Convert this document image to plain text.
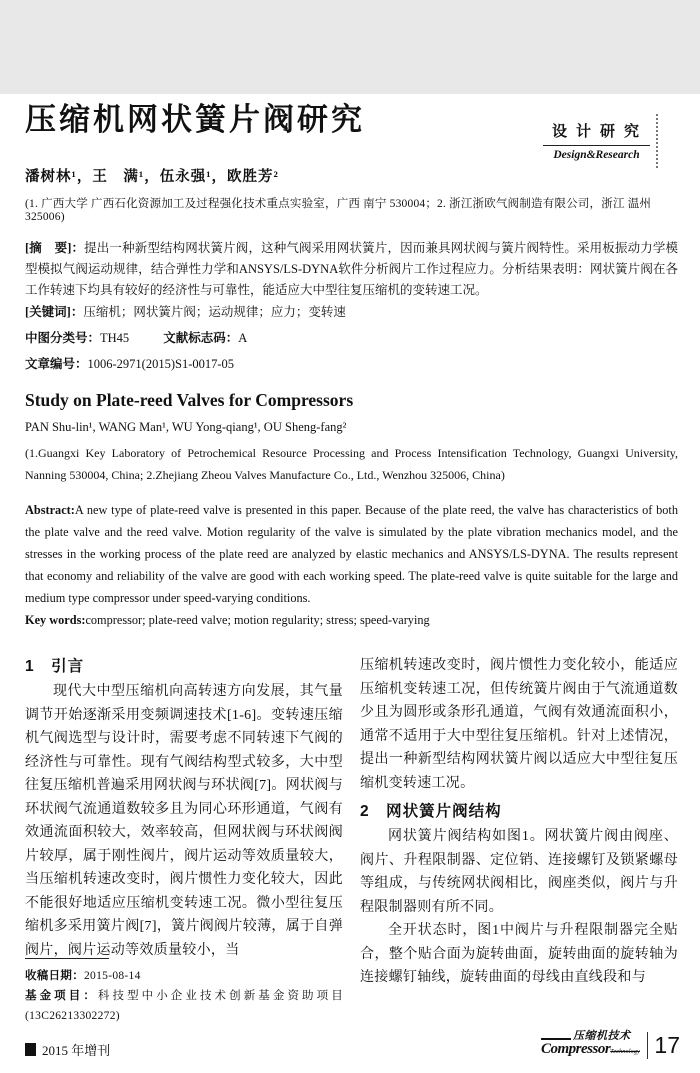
设计研究
Design&Research
压缩机网状簧片阀研究
潘树林¹，王　满¹，伍永强¹，欧胜芳²
(1. 广西大学 广西石化资源加工及过程强化技术重点实验室，广西 南宁 530004；2. 浙江浙欧气阀制造有限公司，浙江 温州 325006)

[摘　要]：提出一种新型结构网状簧片阀，这种气阀采用网状簧片，因而兼具网状阀与簧片阀特性。采用板振动力学模型模拟气阀运动规律，结合弹性力学和ANSYS/LS-DYNA软件分析阀片工作过程应力。分析结果表明：网状簧片阀在各工作转速下均具有较好的经济性与可靠性，能适应大中型往复压缩机的变转速工况。

[关键词]：压缩机；网状簧片阀；运动规律；应力；变转速

中图分类号：TH45	文献标志码：A

文章编号：1006-2971(2015)S1-0017-05

Study on Plate-reed Valves for Compressors
PAN Shu-lin¹, WANG Man¹, WU Yong-qiang¹, OU Sheng-fang²
(1.Guangxi Key Laboratory of Petrochemical Resource Processing and Process Intensification Technology, Guangxi University, Nanning 530004, China; 2.Zhejiang Zheou Valves Manufacture Co., Ltd., Wenzhou 325006, China)

Abstract:A new type of plate-reed valve is presented in this paper. Because of the plate reed, the valve has characteristics of both the plate valve and the reed valve. Motion regularity of the valve is simulated by the plate vibration mechanics model, and the stresses in the working process of the plate reed are analyzed by elastic mechanics and ANSYS/LS-DYNA. The results represent that economy and reliability of the valve are good with each working speed. The plate-reed valve is quite suitable for the large and medium type compressor under speed-varying conditions.

Key words:compressor; plate-reed valve; motion regularity; stress; speed-varying

1　引言

现代大中型压缩机向高转速方向发展，其气量调节开始逐渐采用变频调速技术[1-6]。变转速压缩机气阀选型与设计时，需要考虑不同转速下气阀的经济性与可靠性。现有气阀结构型式较多，大中型往复压缩机普遍采用网状阀与环状阀[7]。网状阀与环状阀气流通道数较多且为同心环形通道，气阀有效通流面积较大，效率较高，但网状阀与环状阀阀片较厚，属于刚性阀片，阀片运动等效质量较大，当压缩机转速改变时，阀片惯性力变化较大，因此不能很好地适应压缩机变转速工况。微小型往复压缩机多采用簧片阀[7]，簧片阀阀片较薄，属于自弹阀片，阀片运动等效质量较小，当

收稿日期：2015-08-14
基金项目：科技型中小企业技术创新基金资助项目(13C26213302272)

压缩机转速改变时，阀片惯性力变化较小，能适应压缩机变转速工况，但传统簧片阀由于气流通道数少且为圆形或条形孔通道，气阀有效通流面积小，通常不适用于大中型往复压缩机。针对上述情况，提出一种新型结构网状簧片阀以适应大中型往复压缩机变转速工况。

2　网状簧片阀结构

网状簧片阀结构如图1。网状簧片阀由阀座、阀片、升程限制器、定位销、连接螺钉及锁紧螺母等组成，与传统网状阀相比，阀座类似，阀片与升程限制器则有所不同。

全开状态时，图1中阀片与升程限制器完全贴合，整个贴合面为旋转曲面，旋转曲面的旋转轴为连接螺钉轴线，旋转曲面的母线由直线段和与

2015 年增刊
压缩机技术
CompressorTechnology 17
